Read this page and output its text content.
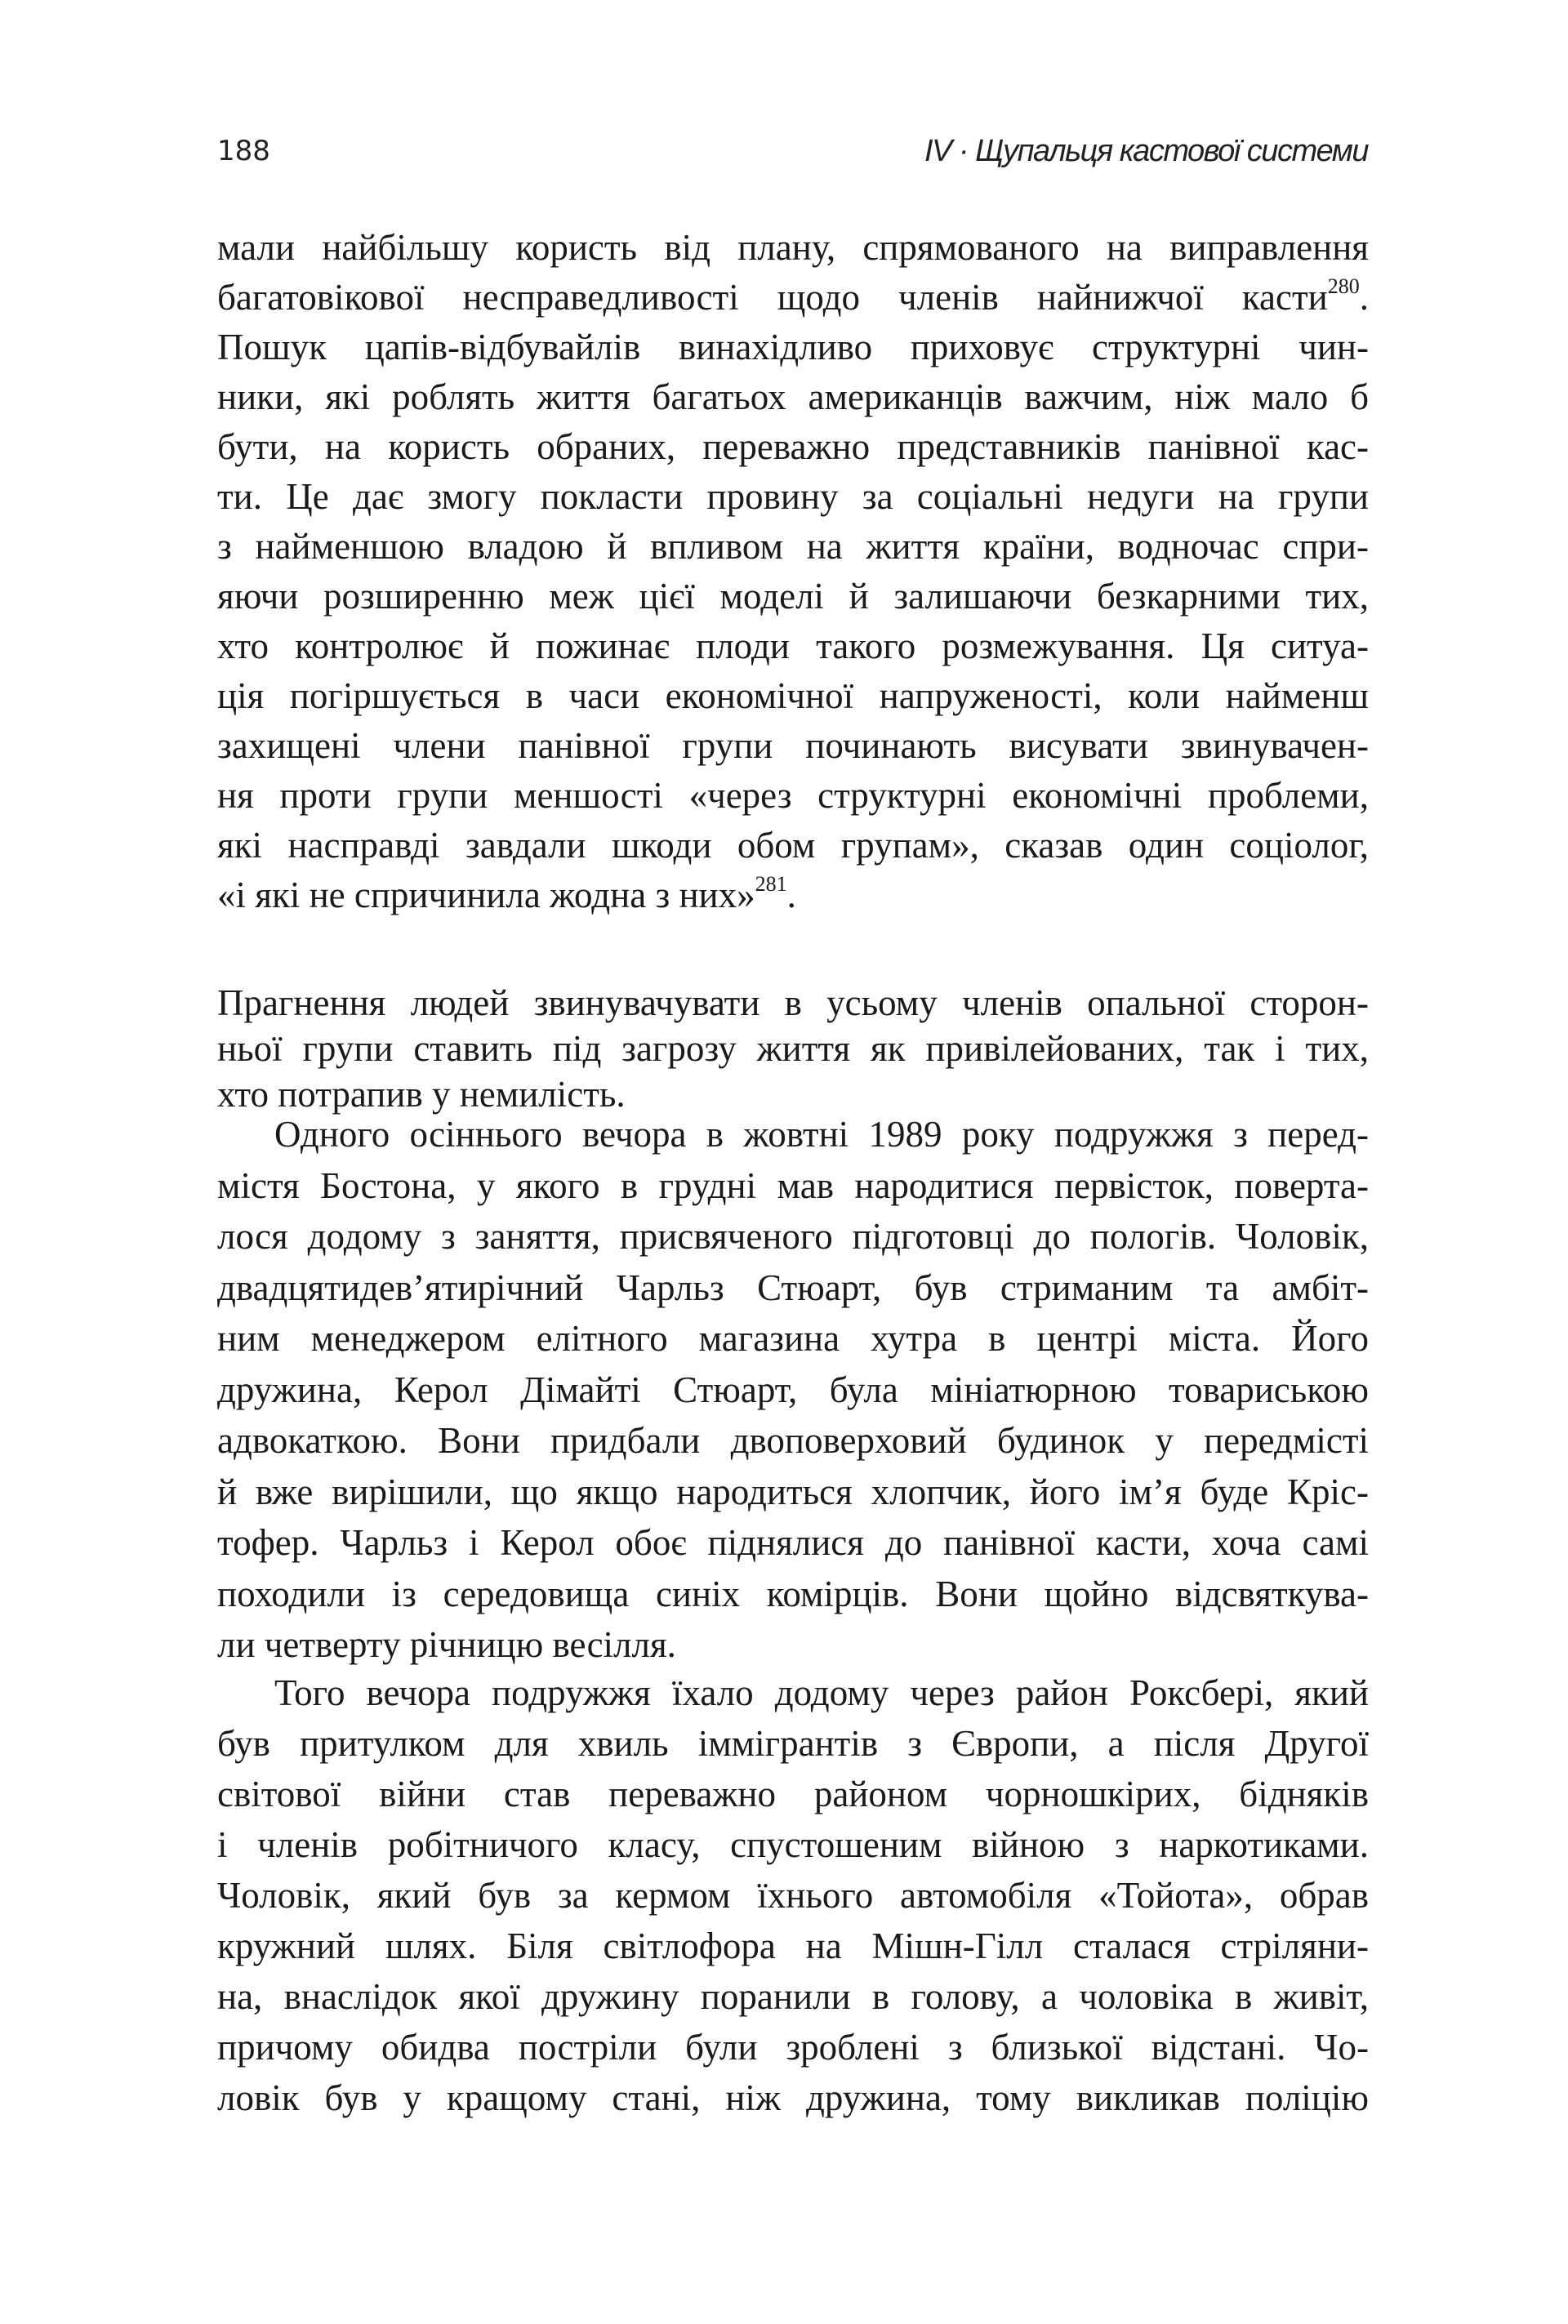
188	IV · Щупальця кастової системи
мали найбільшу користь від плану, спрямованого на виправлення
багатовікової несправедливості щодо членів найнижчої касти$^{280}$.
Пошук цапів-відбувайлів винахідливо приховує структурні чин-
ники, які роблять життя багатьох американців важчим, ніж мало б
бути, на користь обраних, переважно представників панівної кас-
ти. Це дає змогу покласти провину за соціальні недуги на групи
з найменшою владою й впливом на життя країни, водночас спри-
яючи розширенню меж цієї моделі й залишаючи безкарними тих,
хто контролює й пожинає плоди такого розмежування. Ця ситуа-
ція погіршується в часи економічної напруженості, коли найменш
захищені члени панівної групи починають висувати звинувачен-
ня проти групи меншості «через структурні економічні проблеми,
які насправді завдали шкоди обом групам», сказав один соціолог,
«і які не спричинила жодна з них»$^{281}$.
Прагнення людей звинувачувати в усьому членів опальної сторон-
ньої групи ставить під загрозу життя як привілейованих, так і тих,
хто потрапив у немилість.
Одного осіннього вечора в жовтні 1989 року подружжя з перед-
містя Бостона, у якого в грудні мав народитися первісток, поверта-
лося додому з заняття, присвяченого підготовці до пологів. Чоловік,
двадцятидев’ятирічний Чарльз Стюарт, був стриманим та амбіт-
ним менеджером елітного магазина хутра в центрі міста. Його
дружина, Керол Дімайті Стюарт, була мініатюрною товариською
адвокаткою. Вони придбали двоповерховий будинок у передмісті
й вже вирішили, що якщо народиться хлопчик, його ім’я буде Кріс-
тофер. Чарльз і Керол обоє піднялися до панівної касти, хоча самі
походили із середовища синіх комірців. Вони щойно відсвяткува-
ли четверту річницю весілля.
Того вечора подружжя їхало додому через район Роксбері, який
був притулком для хвиль іммігрантів з Європи, а після Другої
світової війни став переважно районом чорношкірих, бідняків
і членів робітничого класу, спустошеним війною з наркотиками.
Чоловік, який був за кермом їхнього автомобіля «Тойота», обрав
кружний шлях. Біля світлофора на Мішн-Гілл сталася стріляни-
на, внаслідок якої дружину поранили в голову, а чоловіка в живіт,
причому обидва постріли були зроблені з близької відстані. Чо-
ловік був у кращому стані, ніж дружина, тому викликав поліцію
